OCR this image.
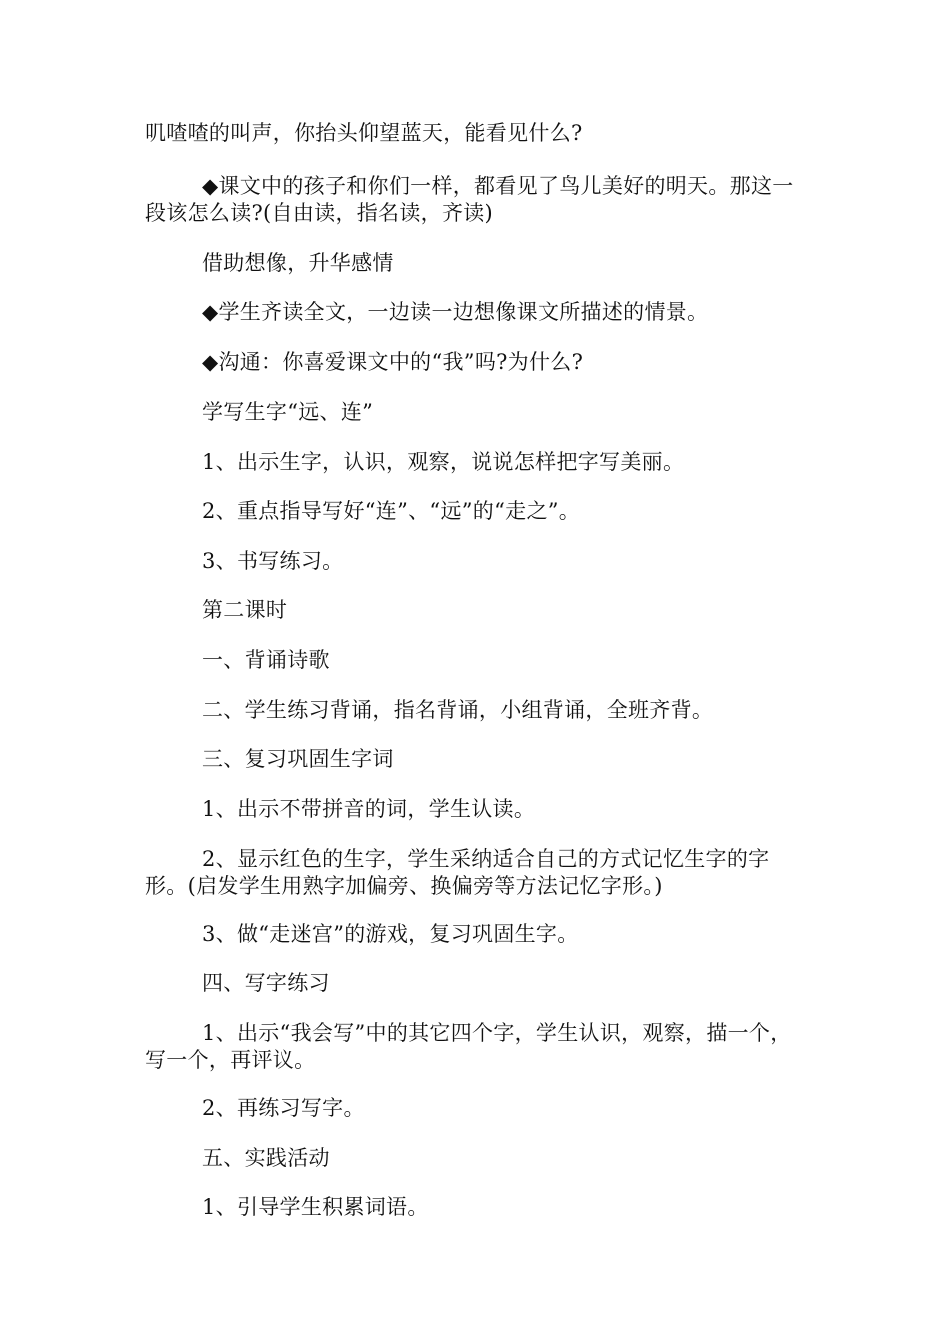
叽喳喳的叫声，你抬头仰望蓝天，能看见什么?

◆课文中的孩子和你们一样，都看见了鸟儿美好的明天。那这一段该怎么读?(自由读，指名读，齐读)

借助想像，升华感情

◆学生齐读全文，一边读一边想像课文所描述的情景。

◆沟通：你喜爱课文中的“我”吗?为什么?

学写生字“远、连”

1、出示生字，认识，观察，说说怎样把字写美丽。

2、重点指导写好“连”、“远”的“走之”。

3、书写练习。

第二课时

一、背诵诗歌

二、学生练习背诵，指名背诵，小组背诵，全班齐背。

三、复习巩固生字词

1、出示不带拼音的词，学生认读。

2、显示红色的生字，学生采纳适合自己的方式记忆生字的字形。(启发学生用熟字加偏旁、换偏旁等方法记忆字形。)

3、做“走迷宫”的游戏，复习巩固生字。

四、写字练习

1、出示“我会写”中的其它四个字，学生认识，观察，描一个，写一个，再评议。

2、再练习写字。

五、实践活动

1、引导学生积累词语。
